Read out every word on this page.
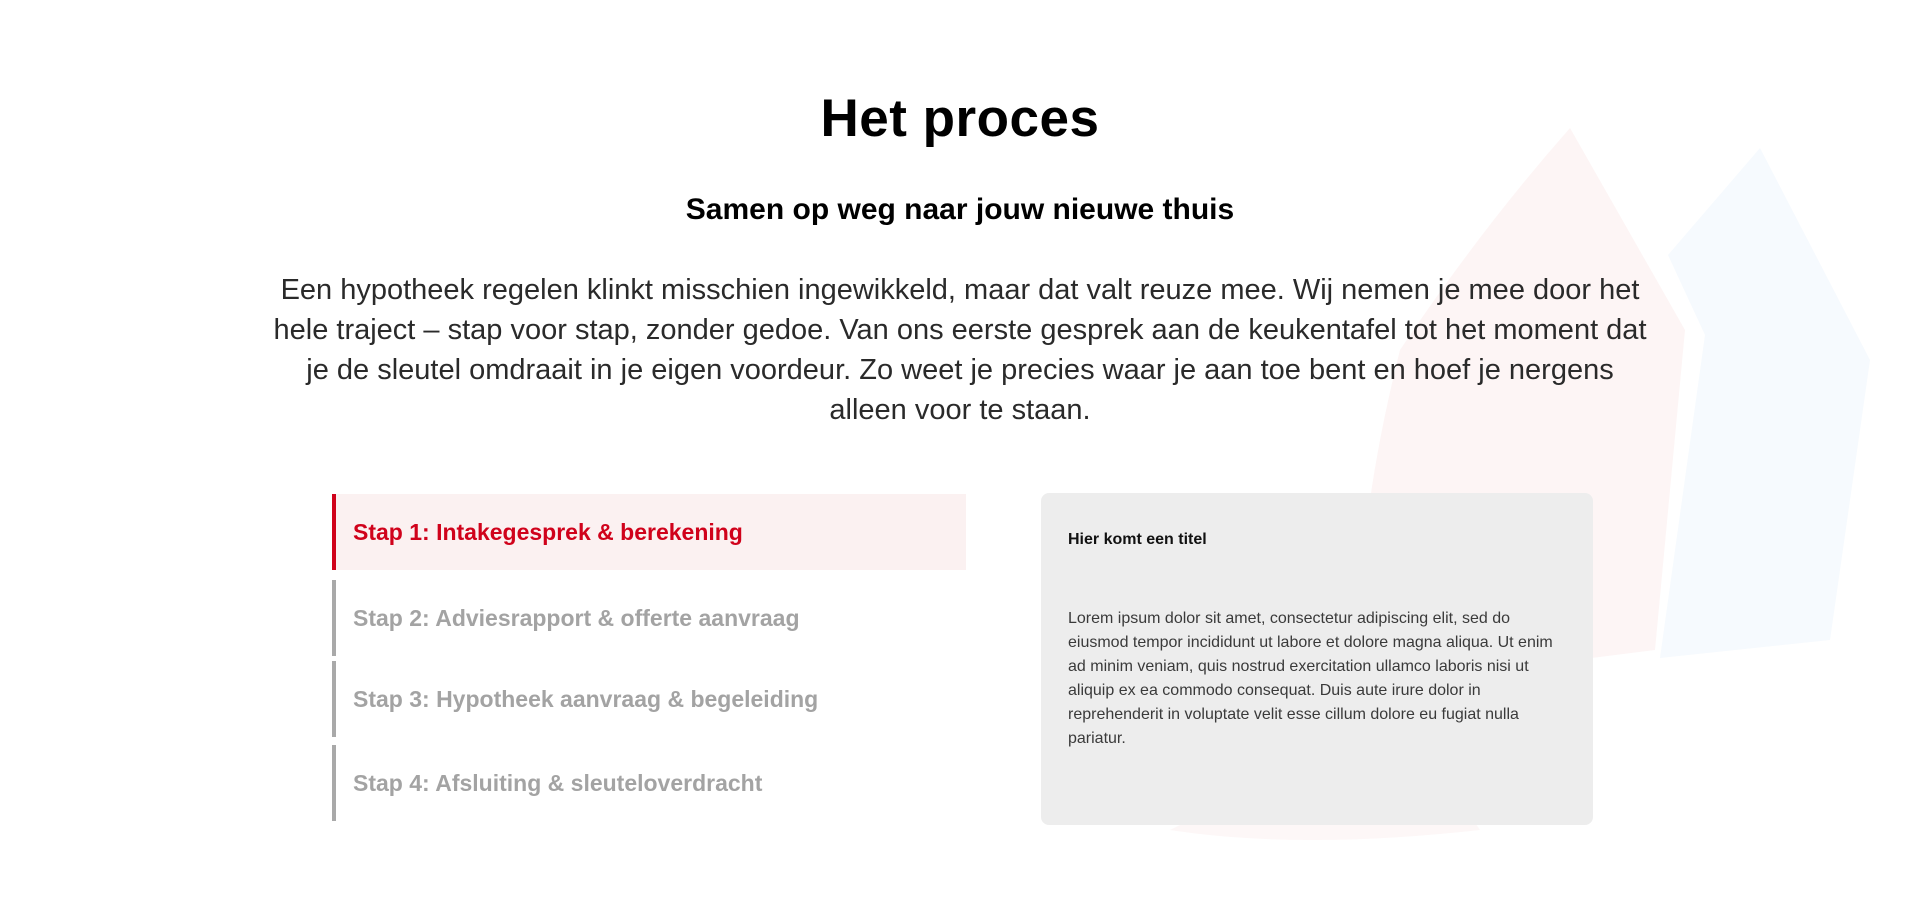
Het proces
Samen op weg naar jouw nieuwe thuis

Een hypotheek regelen klinkt misschien ingewikkeld, maar dat valt reuze mee. Wij nemen je mee door het hele traject – stap voor stap, zonder gedoe. Van ons eerste gesprek aan de keukentafel tot het moment dat je de sleutel omdraait in je eigen voordeur. Zo weet je precies waar je aan toe bent en hoef je nergens alleen voor te staan.

Stap 1: Intakegesprek & berekening
Stap 2: Adviesrapport & offerte aanvraag
Stap 3: Hypotheek aanvraag & begeleiding
Stap 4: Afsluiting & sleuteloverdracht
Hier komt een titel

Lorem ipsum dolor sit amet, consectetur adipiscing elit, sed do eiusmod tempor incididunt ut labore et dolore magna aliqua. Ut enim ad minim veniam, quis nostrud exercitation ullamco laboris nisi ut aliquip ex ea commodo consequat. Duis aute irure dolor in reprehenderit in voluptate velit esse cillum dolore eu fugiat nulla pariatur.
